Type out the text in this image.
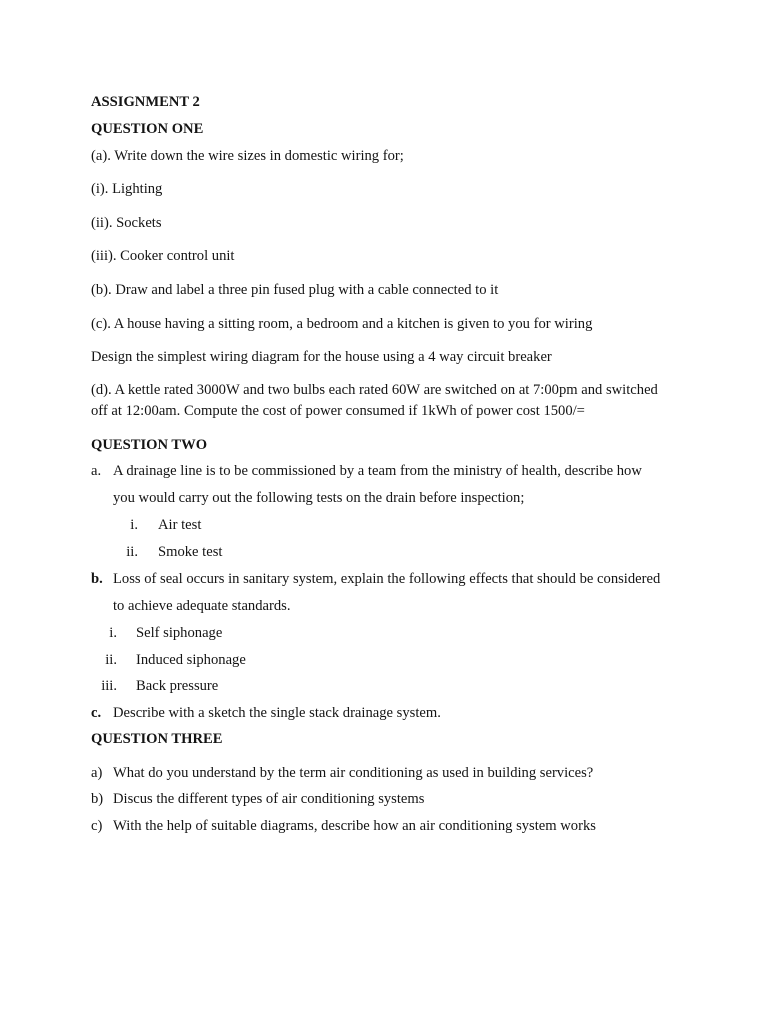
ASSIGNMENT 2
QUESTION ONE
(a). Write down the wire sizes in domestic wiring for;
(i). Lighting
(ii). Sockets
(iii). Cooker control unit
(b). Draw and label a three pin fused plug with a cable connected to it
(c). A house having a sitting room, a bedroom and a kitchen is given to you for wiring
Design the simplest wiring diagram for the house using a 4 way circuit breaker
(d). A kettle rated 3000W and two bulbs each rated 60W are switched on at 7:00pm and switched
off at 12:00am. Compute the cost of power consumed if 1kWh of power cost 1500/=
QUESTION TWO
a. A drainage line is to be commissioned by a team from the ministry of health, describe how
you would carry out the following tests on the drain before inspection;
i. Air test
ii. Smoke test
b. Loss of seal occurs in sanitary system, explain the following effects that should be considered
to achieve adequate standards.
i. Self siphonage
ii. Induced siphonage
iii. Back pressure
c. Describe with a sketch the single stack drainage system.
QUESTION THREE
a) What do you understand by the term air conditioning as used in building services?
b) Discus the different types of air conditioning systems
c) With the help of suitable diagrams, describe how an air conditioning system works
